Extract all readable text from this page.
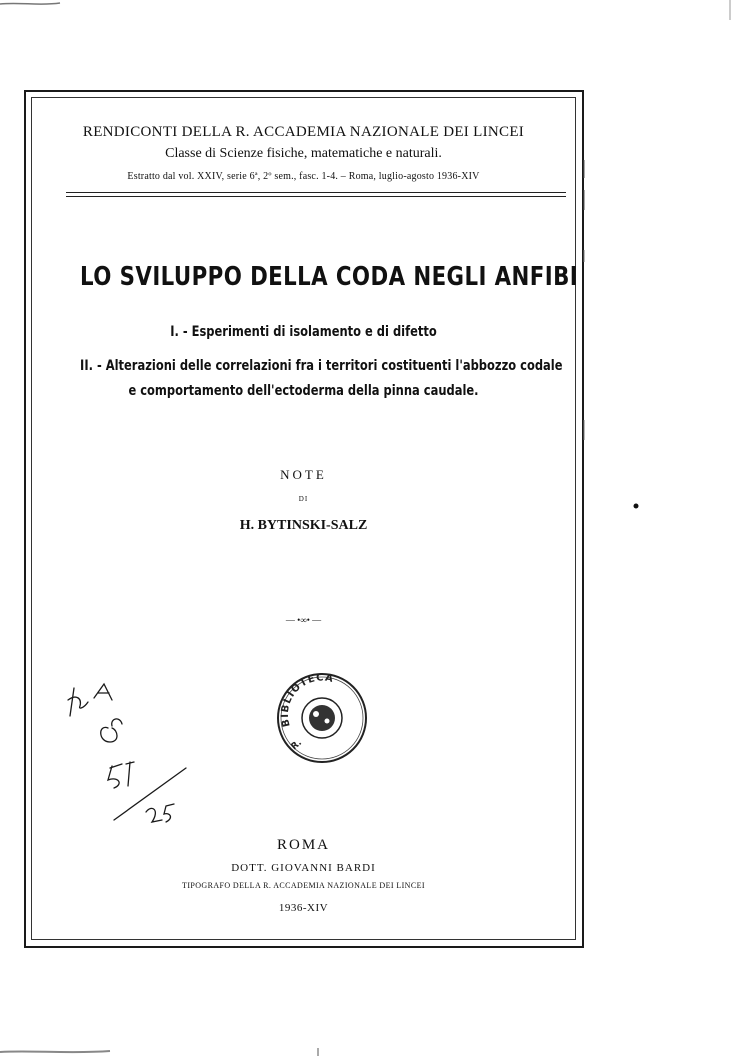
RENDICONTI DELLA R. ACCADEMIA NAZIONALE DEI LINCEI
Classe di Scienze fisiche, matematiche e naturali.
Estratto dal vol. XXIV, serie 6ª, 2º sem., fasc. 1-4. – Roma, luglio-agosto 1936-XIV
LO SVILUPPO DELLA CODA NEGLI ANFIBI
I. - Esperimenti di isolamento e di difetto
II. - Alterazioni delle correlazioni fra i territori costituenti l'abbozzo codale
e comportamento dell'ectoderma della pinna caudale.
NOTE
DI
H. BYTINSKI-SALZ
— •∞• —
BIBLIOTECA
R.
An A
ROMA
DOTT. GIOVANNI BARDI
TIPOGRAFO DELLA R. ACCADEMIA NAZIONALE DEI LINCEI
1936-XIV
